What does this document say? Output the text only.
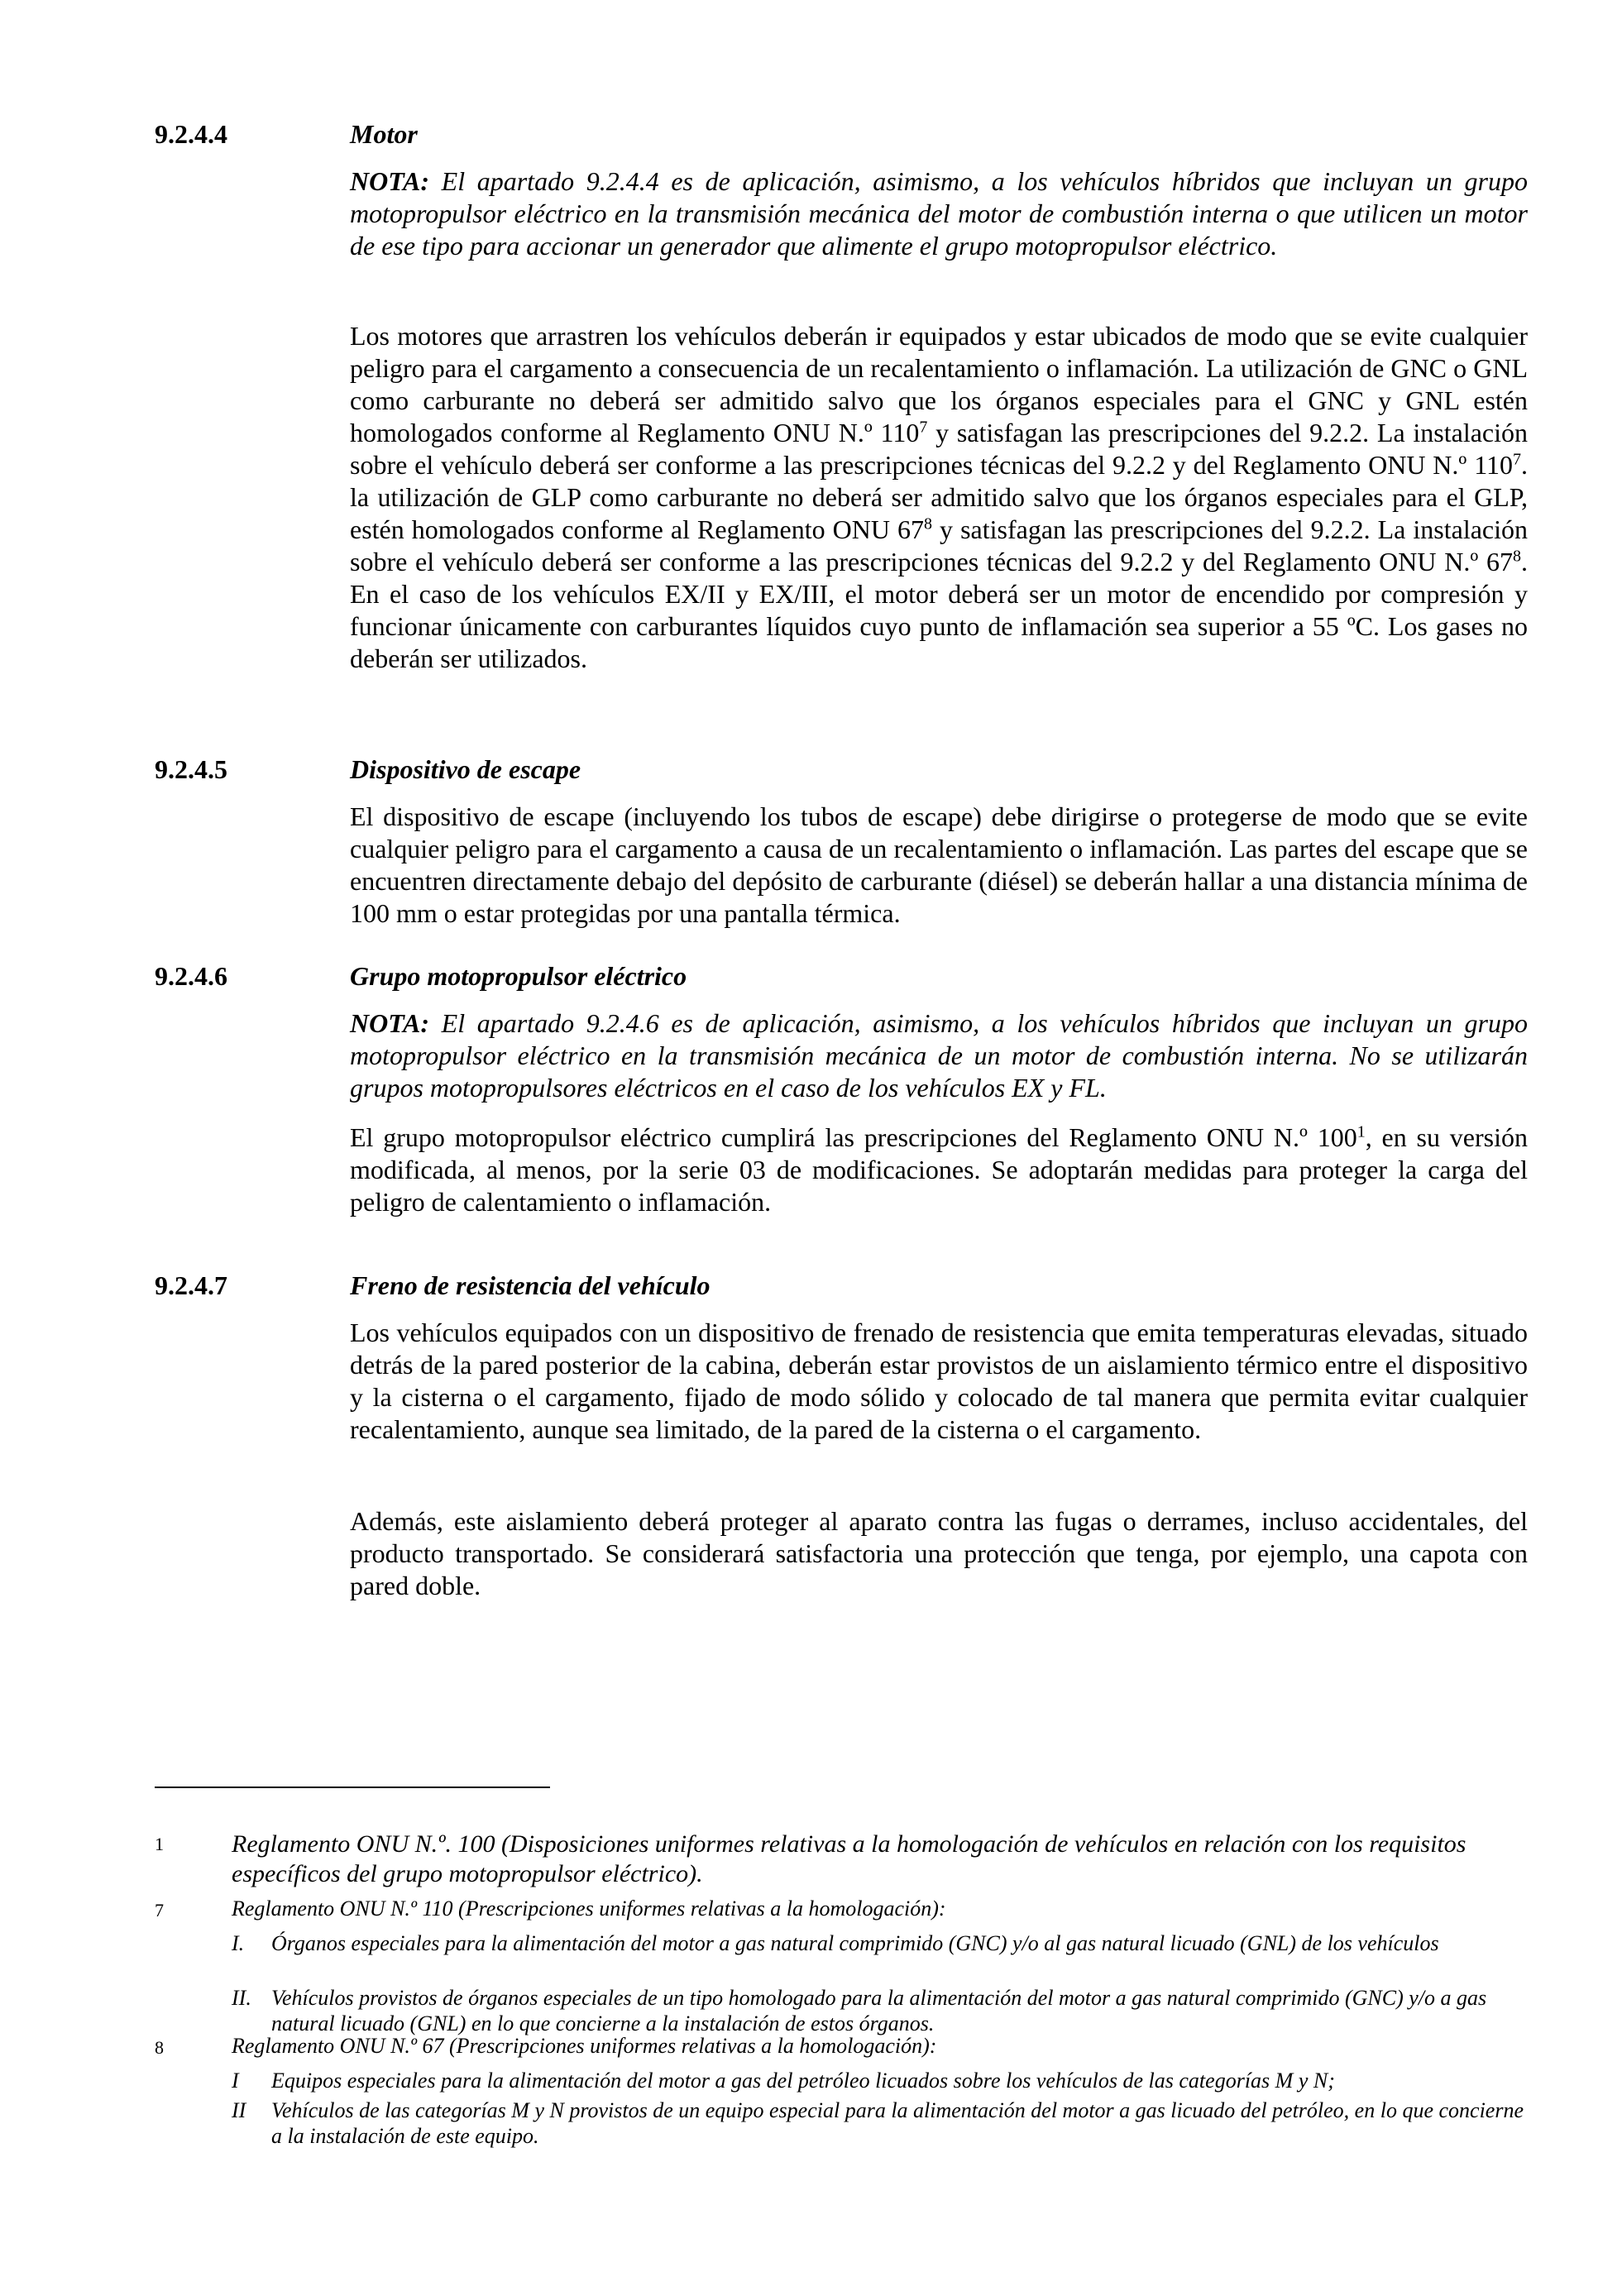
9.2.4.4	Motor
NOTA: El apartado 9.2.4.4 es de aplicación, asimismo, a los vehículos híbridos que incluyan un grupo motopropulsor eléctrico en la transmisión mecánica del motor de combustión interna o que utilicen un motor de ese tipo para accionar un generador que alimente el grupo motopropulsor eléctrico.
Los motores que arrastren los vehículos deberán ir equipados y estar ubicados de modo que se evite cualquier peligro para el cargamento a consecuencia de un recalentamiento o inflamación. La utilización de GNC o GNL como carburante no deberá ser admitido salvo que los órganos especiales para el GNC y GNL estén homologados conforme al Reglamento ONU N.º $110^7$ y satisfagan las prescripciones del 9.2.2. La instalación sobre el vehículo deberá ser conforme a las prescripciones técnicas del 9.2.2 y del Reglamento ONU N.º $110^7$. la utilización de GLP como carburante no deberá ser admitido salvo que los órganos especiales para el GLP, estén homologados conforme al Reglamento ONU $67^8$ y satisfagan las prescripciones del 9.2.2. La instalación sobre el vehículo deberá ser conforme a las prescripciones técnicas del 9.2.2 y del Reglamento ONU N.º $67^8$. En el caso de los vehículos EX/II y EX/III, el motor deberá ser un motor de encendido por compresión y funcionar únicamente con carburantes líquidos cuyo punto de inflamación sea superior a 55 ºC. Los gases no deberán ser utilizados.
9.2.4.5	Dispositivo de escape
El dispositivo de escape (incluyendo los tubos de escape) debe dirigirse o protegerse de modo que se evite cualquier peligro para el cargamento a causa de un recalentamiento o inflamación. Las partes del escape que se encuentren directamente debajo del depósito de carburante (diésel) se deberán hallar a una distancia mínima de 100 mm o estar protegidas por una pantalla térmica.
9.2.4.6	Grupo motopropulsor eléctrico
NOTA: El apartado 9.2.4.6 es de aplicación, asimismo, a los vehículos híbridos que incluyan un grupo motopropulsor eléctrico en la transmisión mecánica de un motor de combustión interna. No se utilizarán grupos motopropulsores eléctricos en el caso de los vehículos EX y FL.
El grupo motopropulsor eléctrico cumplirá las prescripciones del Reglamento ONU N.º $100^1$, en su versión modificada, al menos, por la serie 03 de modificaciones. Se adoptarán medidas para proteger la carga del peligro de calentamiento o inflamación.
9.2.4.7	Freno de resistencia del vehículo
Los vehículos equipados con un dispositivo de frenado de resistencia que emita temperaturas elevadas, situado detrás de la pared posterior de la cabina, deberán estar provistos de un aislamiento térmico entre el dispositivo y la cisterna o el cargamento, fijado de modo sólido y colocado de tal manera que permita evitar cualquier recalentamiento, aunque sea limitado, de la pared de la cisterna o el cargamento.
Además, este aislamiento deberá proteger al aparato contra las fugas o derrames, incluso accidentales, del producto transportado. Se considerará satisfactoria una protección que tenga, por ejemplo, una capota con pared doble.
1	Reglamento ONU N.º. 100 (Disposiciones uniformes relativas a la homologación de vehículos en relación con los requisitos específicos del grupo motopropulsor eléctrico).
7	Reglamento ONU N.º 110 (Prescripciones uniformes relativas a la homologación):
I.	Órganos especiales para la alimentación del motor a gas natural comprimido (GNC) y/o al gas natural licuado (GNL) de los vehículos
II. Vehículos provistos de órganos especiales de un tipo homologado para la alimentación del motor a gas natural comprimido (GNC) y/o a gas natural licuado (GNL) en lo que concierne a la instalación de estos órganos.
8	Reglamento ONU N.º 67 (Prescripciones uniformes relativas a la homologación):
I	Equipos especiales para la alimentación del motor a gas del petróleo licuados sobre los vehículos de las categorías M y N;
II	Vehículos de las categorías M y N provistos de un equipo especial para la alimentación del motor a gas licuado del petróleo, en lo que concierne a la instalación de este equipo.
